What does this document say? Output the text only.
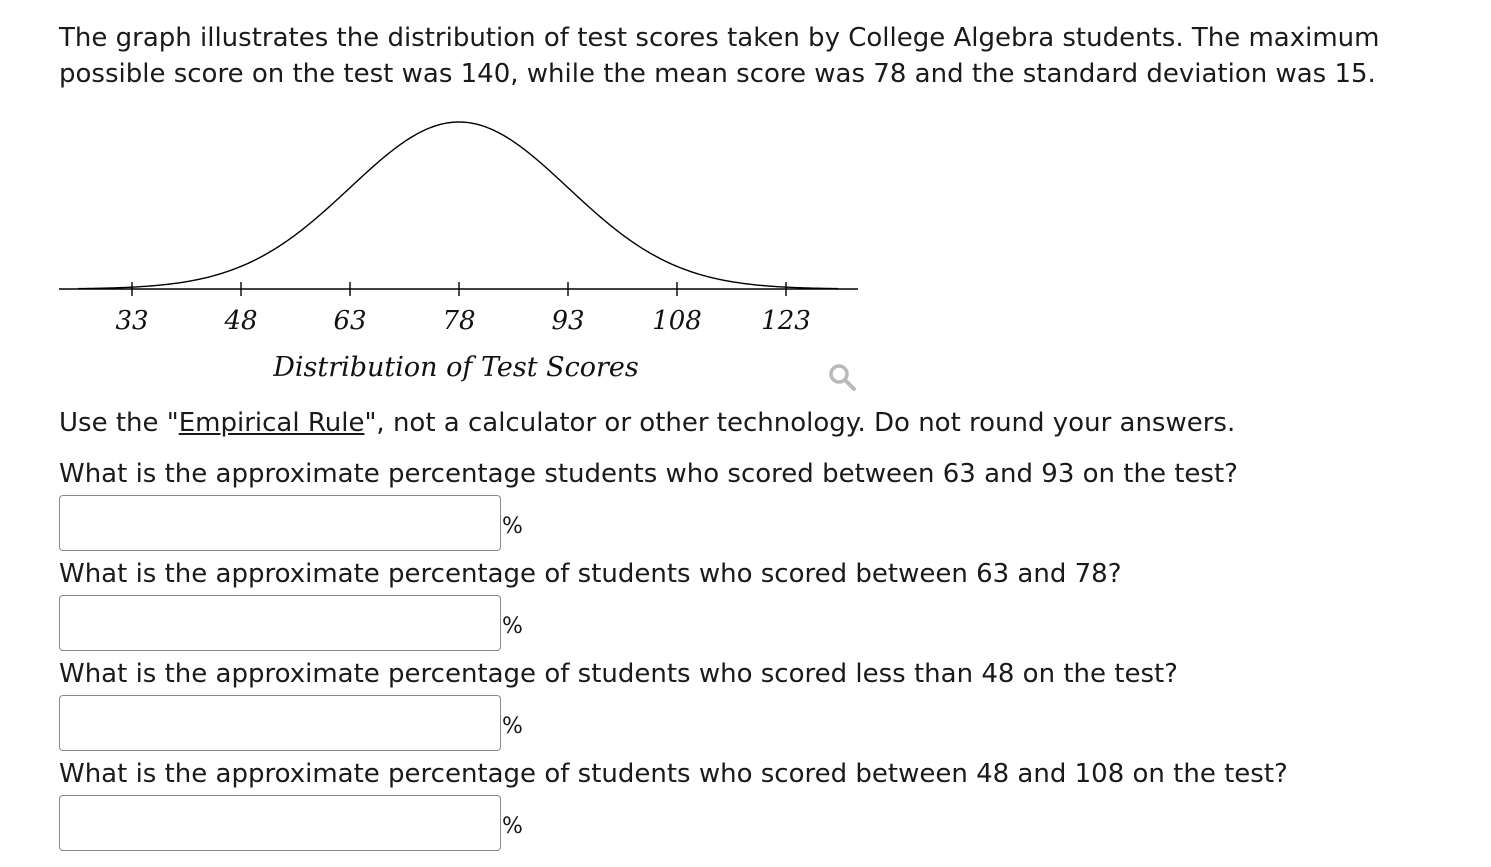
The graph illustrates the distribution of test scores taken by College Algebra students. The maximum possible score on the test was 140, while the mean score was 78 and the standard deviation was 15.
33	48	63	78	93	108 123
Distribution of Test Scores
Use the "Empirical Rule", not a calculator or other technology. Do not round your answers.
What is the approximate percentage students who scored between 63 and 93 on the test?
%
What is the approximate percentage of students who scored between 63 and 78?
%
What is the approximate percentage of students who scored less than 48 on the test?
%
What is the approximate percentage of students who scored between 48 and 108 on the test?
%
